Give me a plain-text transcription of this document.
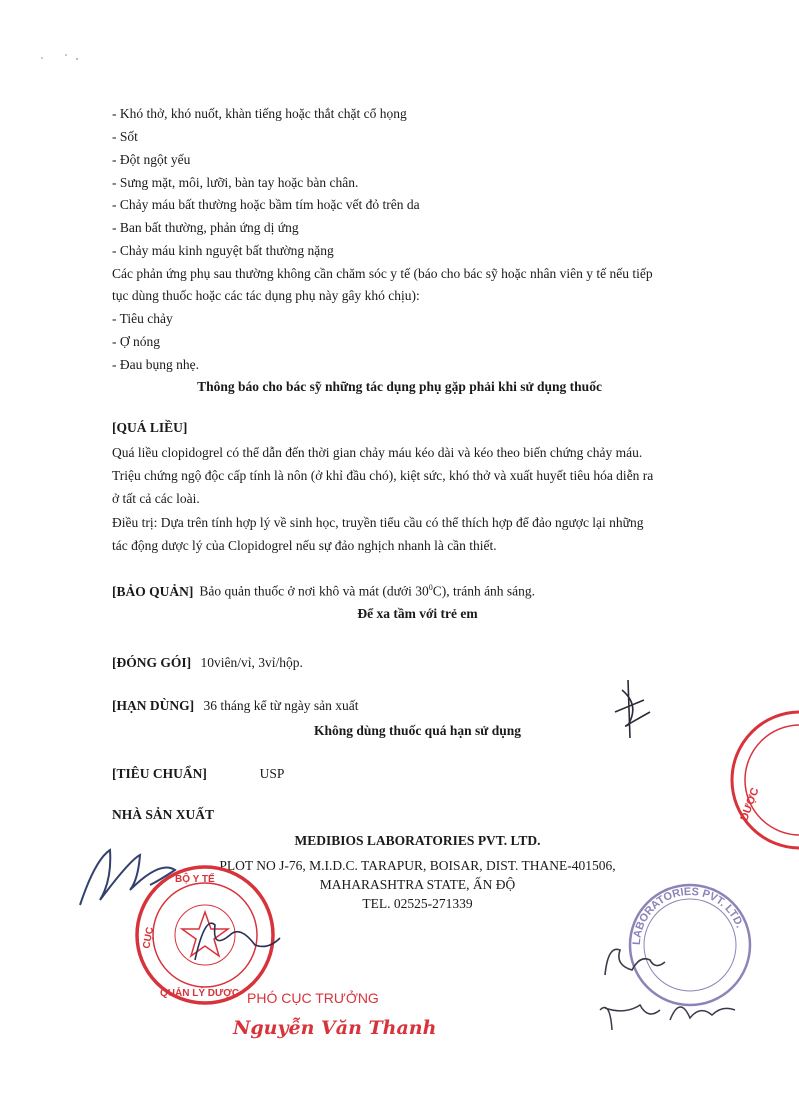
- Khó thở, khó nuốt, khàn tiếng hoặc thắt chặt cổ họng
- Sốt
- Đột ngột yếu
- Sưng mặt, môi, lưỡi, bàn tay hoặc bàn chân.
- Chảy máu bất thường hoặc bầm tím hoặc vết đỏ trên da
- Ban bất thường, phản ứng dị ứng
- Chảy máu kinh nguyệt bất thường nặng
Các phản ứng phụ sau thường không cần chăm sóc y tế (báo cho bác sỹ hoặc nhân viên y tế nếu tiếp
tục dùng thuốc hoặc các tác dụng phụ này gây khó chịu):
- Tiêu chảy
- Ợ nóng
- Đau bụng nhẹ.
Thông báo cho bác sỹ những tác dụng phụ gặp phải khi sử dụng thuốc
[QUÁ LIỀU]
Quá liều clopidogrel có thể dẫn đến thời gian chảy máu kéo dài và kéo theo biến chứng chảy máu.
Triệu chứng ngộ độc cấp tính là nôn (ở khỉ đầu chó), kiệt sức, khó thở và xuất huyết tiêu hóa diễn ra
ở tất cả các loài.
Điều trị: Dựa trên tính hợp lý về sinh học, truyền tiểu cầu có thể thích hợp để đảo ngược lại những
tác động dược lý của Clopidogrel nếu sự đảo nghịch nhanh là cần thiết.
[BẢO QUẢN] Bảo quản thuốc ở nơi khô và mát (dưới $30^0C$), tránh ánh sáng.
Để xa tầm với trẻ em
[ĐÓNG GÓI] 10viên/vỉ, 3vỉ/hộp.
[HẠN DÙNG] 36 tháng kể từ ngày sản xuất
Không dùng thuốc quá hạn sử dụng
[TIÊU CHUẨN]	USP
NHÀ SẢN XUẤT
MEDIBIOS LABORATORIES PVT. LTD.
PLOT NO J-76, M.I.D.C. TARAPUR, BOISAR, DIST. THANE-401506,
MAHARASHTRA STATE, ẤN ĐỘ
TEL. 02525-271339
DƯỢC
BỘ Y TẾ
QUẢN LÝ DƯỢC
CỤC
PHÓ CỤC TRƯỞNG
Nguyễn Văn Thanh
LABORATORIES PVT. LTD.
